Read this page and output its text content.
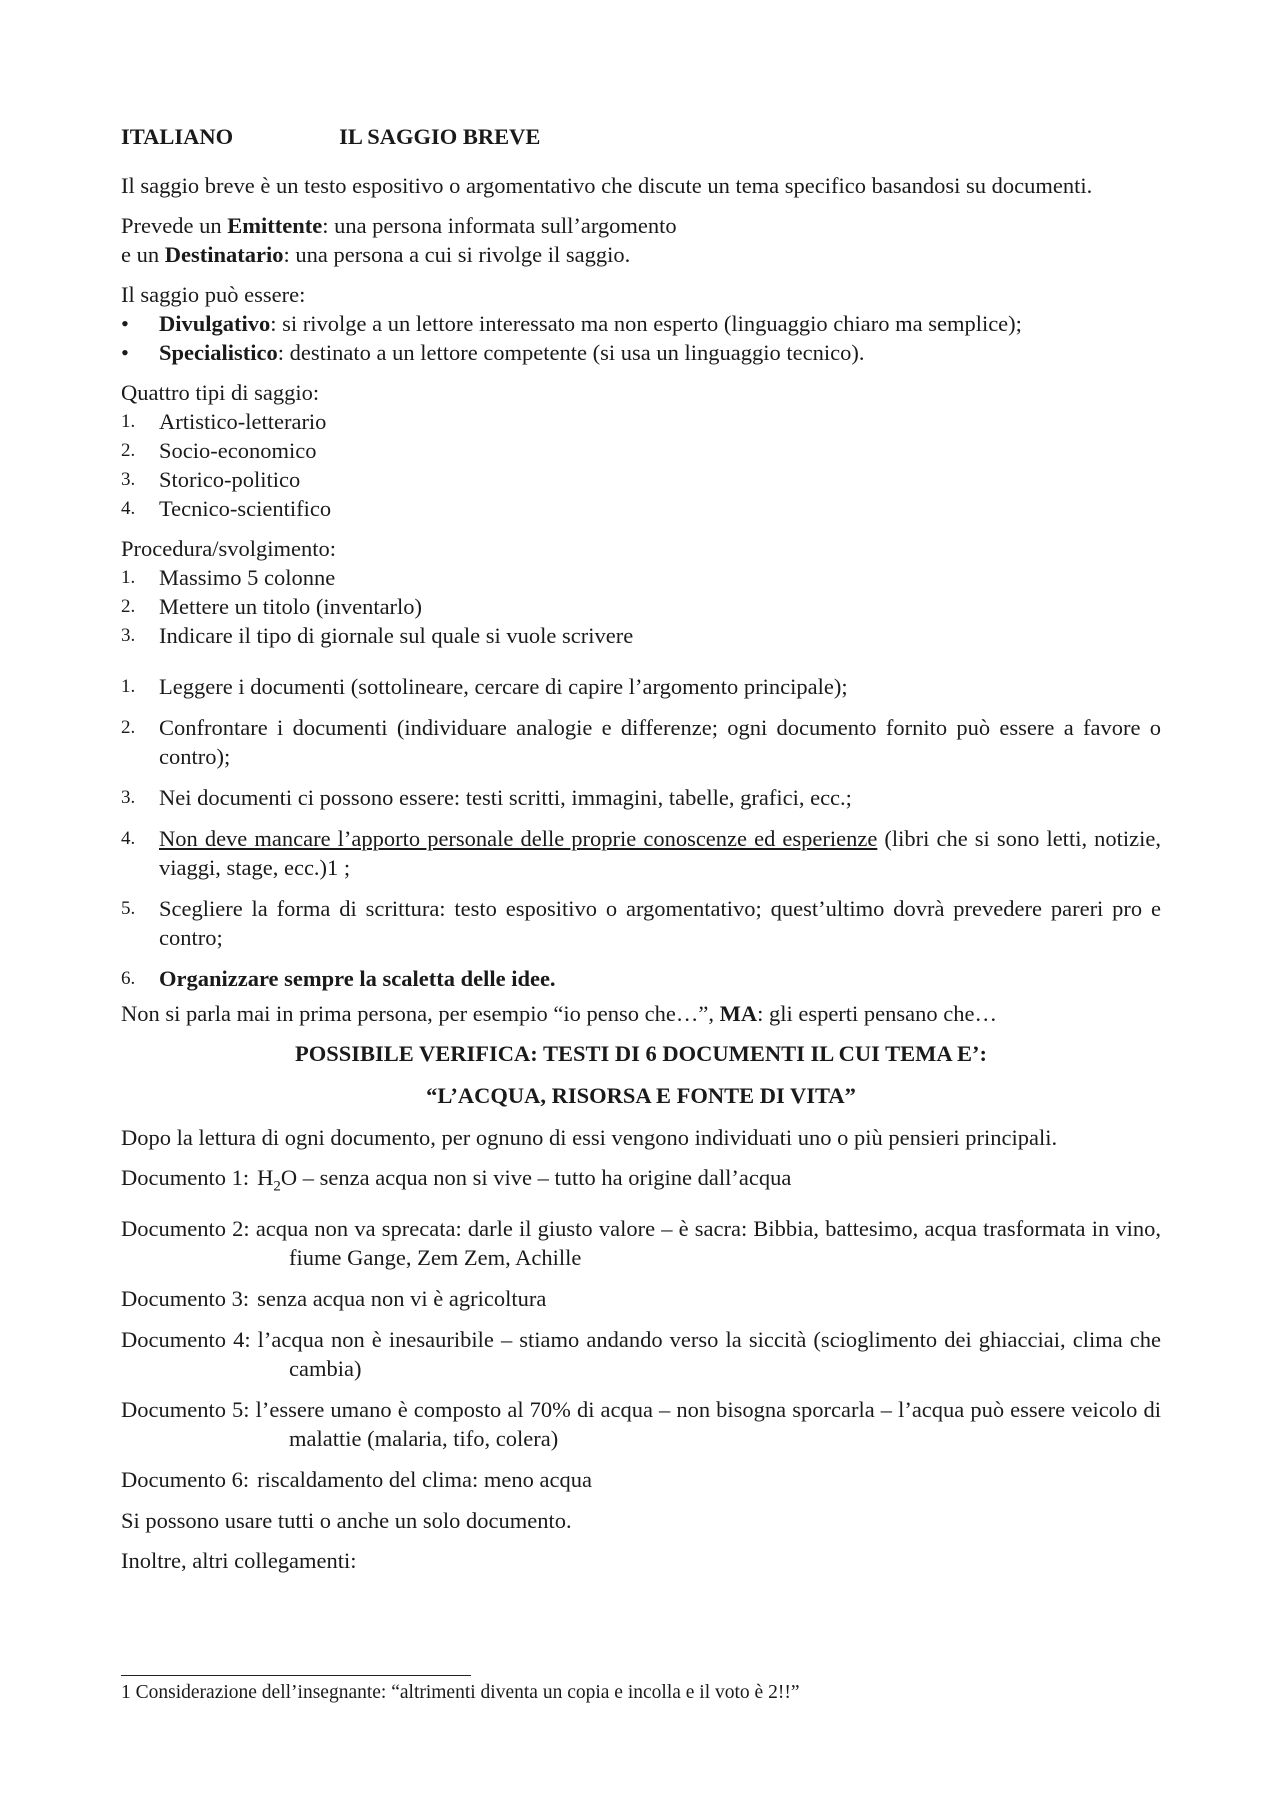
ITALIANO	IL SAGGIO BREVE

Il saggio breve è un testo espositivo o argomentativo che discute un tema specifico basandosi su documenti.

Prevede un Emittente: una persona informata sull’argomento
e un Destinatario: una persona a cui si rivolge il saggio.

Il saggio può essere:

•	Divulgativo: si rivolge a un lettore interessato ma non esperto (linguaggio chiaro ma semplice);
•	Specialistico: destinato a un lettore competente (si usa un linguaggio tecnico).

Quattro tipi di saggio:

1.	Artistico-letterario
2.	Socio-economico
3.	Storico-politico
4.	Tecnico-scientifico

Procedura/svolgimento:

1.	Massimo 5 colonne
2.	Mettere un titolo (inventarlo)
3.	Indicare il tipo di giornale sul quale si vuole scrivere
1.	Leggere i documenti (sottolineare, cercare di capire l’argomento principale);
2.	Confrontare i documenti (individuare analogie e differenze; ogni documento fornito può essere a favore o contro);
3.	Nei documenti ci possono essere: testi scritti, immagini, tabelle, grafici, ecc.;
4.	Non deve mancare l’apporto personale delle proprie conoscenze ed esperienze (libri che si sono letti, notizie, viaggi, stage, ecc.)1 ;
5.	Scegliere la forma di scrittura: testo espositivo o argomentativo; quest’ultimo dovrà prevedere pareri pro e contro;
6.	Organizzare sempre la scaletta delle idee.

Non si parla mai in prima persona, per esempio “io penso che…”, MA: gli esperti pensano che…

POSSIBILE VERIFICA: TESTI DI 6 DOCUMENTI IL CUI TEMA E’:

“L’ACQUA, RISORSA E FONTE DI VITA”

Dopo la lettura di ogni documento, per ognuno di essi vengono individuati uno o più pensieri principali.

Documento 1: $H_2O$ – senza acqua non si vive – tutto ha origine dall’acqua

Documento 2: acqua non va sprecata: darle il giusto valore – è sacra: Bibbia, battesimo, acqua trasformata in vino, fiume Gange, Zem Zem, Achille

Documento 3: senza acqua non vi è agricoltura

Documento 4: l’acqua non è inesauribile – stiamo andando verso la siccità (scioglimento dei ghiacciai, clima che cambia)

Documento 5: l’essere umano è composto al 70% di acqua – non bisogna sporcarla – l’acqua può essere veicolo di malattie (malaria, tifo, colera)

Documento 6: riscaldamento del clima: meno acqua

Si possono usare tutti o anche un solo documento.

Inoltre, altri collegamenti:

1 Considerazione dell’insegnante: “altrimenti diventa un copia e incolla e il voto è 2!!”
